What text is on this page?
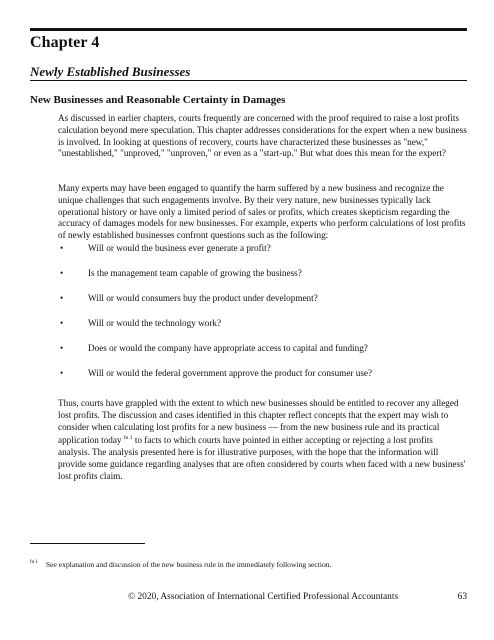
Chapter 4
Newly Established Businesses
New Businesses and Reasonable Certainty in Damages

As discussed in earlier chapters, courts frequently are concerned with the proof required to raise a lost profits calculation beyond mere speculation. This chapter addresses considerations for the expert when a new business is involved. In looking at questions of recovery, courts have characterized these businesses as "new," "unestablished," "unproved," "unproven," or even as a "start-up." But what does this mean for the expert?

Many experts may have been engaged to quantify the harm suffered by a new business and recognize the unique challenges that such engagements involve. By their very nature, new businesses typically lack operational history or have only a limited period of sales or profits, which creates skepticism regarding the accuracy of damages models for new businesses. For example, experts who perform calculations of lost profits of newly established businesses confront questions such as the following:

•	Will or would the business ever generate a profit?
•	Is the management team capable of growing the business?
•	Will or would consumers buy the product under development?
•	Will or would the technology work?
•	Does or would the company have appropriate access to capital and funding?
•	Will or would the federal government approve the product for consumer use?

Thus, courts have grappled with the extent to which new businesses should be entitled to recover any alleged lost profits. The discussion and cases identified in this chapter reflect concepts that the expert may wish to consider when calculating lost profits for a new business — from the new business rule and its practical application today $^{fn 1}$ to facts to which courts have pointed in either accepting or rejecting a lost profits analysis. The analysis presented here is for illustrative purposes, with the hope that the information will provide some guidance regarding analyses that are often considered by courts when faced with a new business' lost profits claim.

$^{fn 1}$ See explanation and discussion of the new business rule in the immediately following section.
© 2020, Association of International Certified Professional Accountants	63
